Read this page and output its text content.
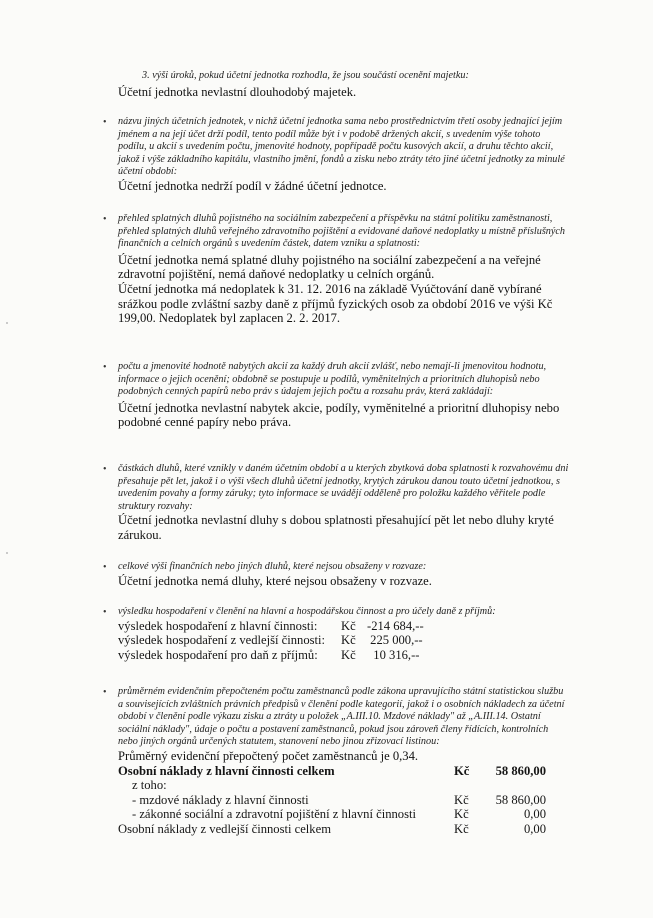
3. výši úroků, pokud účetní jednotka rozhodla, že jsou součástí ocenění majetku:

Účetní jednotka nevlastní dlouhodobý majetek.

• názvu jiných účetních jednotek, v nichž účetní jednotka sama nebo prostřednictvím třetí osoby jednající jejím jménem a na její účet drží podíl, tento podíl může být i v podobě držených akcií, s uvedením výše tohoto podílu, u akcií s uvedením počtu, jmenovité hodnoty, popřípadě počtu kusových akcií, a druhu těchto akcií, jakož i výše základního kapitálu, vlastního jmění, fondů a zisku nebo ztráty této jiné účetní jednotky za minulé účetní období:

Účetní jednotka nedrží podíl v žádné účetní jednotce.

• přehled splatných dluhů pojistného na sociálním zabezpečení a příspěvku na státní politiku zaměstnanosti, přehled splatných dluhů veřejného zdravotního pojištění a evidované daňové nedoplatky u místně příslušných finančních a celních orgánů s uvedením částek, datem vzniku a splatnosti:

Účetní jednotka nemá splatné dluhy pojistného na sociální zabezpečení a na veřejné zdravotní pojištění, nemá daňové nedoplatky u celních orgánů.

Účetní jednotka má nedoplatek k 31. 12. 2016 na základě Vyúčtování daně vybírané srážkou podle zvláštní sazby daně z příjmů fyzických osob za období 2016 ve výši Kč 199,00. Nedoplatek byl zaplacen 2. 2. 2017.

• počtu a jmenovité hodnotě nabytých akcií za každý druh akcií zvlášť, nebo nemají-li jmenovitou hodnotu, informace o jejich ocenění; obdobně se postupuje u podílů, vyměnitelných a prioritních dluhopisů nebo podobných cenných papírů nebo práv s údajem jejich počtu a rozsahu práv, která zakládají:

Účetní jednotka nevlastní nabytek akcie, podíly, vyměnitelné a prioritní dluhopisy nebo podobné cenné papíry nebo práva.

• částkách dluhů, které vznikly v daném účetním období a u kterých zbytková doba splatnosti k rozvahovému dni přesahuje pět let, jakož i o výši všech dluhů účetní jednotky, krytých zárukou danou touto účetní jednotkou, s uvedením povahy a formy záruky; tyto informace se uvádějí odděleně pro položku každého věřitele podle struktury rozvahy:

Účetní jednotka nevlastní dluhy s dobou splatnosti přesahující pět let nebo dluhy kryté zárukou.

• celkové výši finančních nebo jiných dluhů, které nejsou obsaženy v rozvaze:

Účetní jednotka nemá dluhy, které nejsou obsaženy v rozvaze.

• výsledku hospodaření v členění na hlavní a hospodářskou činnost a pro účely daně z příjmů:

výsledek hospodaření z hlavní činnosti:	Kč -214 684,--
výsledek hospodaření z vedlejší činnosti:	Kč 225 000,--
výsledek hospodaření pro daň z příjmů:	Kč 10 316,--
• průměrném evidenčním přepočteném počtu zaměstnanců podle zákona upravujícího státní statistickou službu a souvisejících zvláštních právních předpisů v členění podle kategorií, jakož i o osobních nákladech za účetní období v členění podle výkazu zisku a ztráty u položek „A.III.10. Mzdové náklady" až „A.III.14. Ostatní sociální náklady", údaje o počtu a postavení zaměstnanců, pokud jsou zároveň členy řídících, kontrolních nebo jiných orgánů určených statutem, stanovení nebo jinou zřizovací listinou:

Průměrný evidenční přepočtený počet zaměstnanců je 0,34.

Osobní náklady z hlavní činnosti celkem	Kč	58 860,00
z toho:
- mzdové náklady z hlavní činnosti	Kč	58 860,00
- zákonné sociální a zdravotní pojištění z hlavní činnosti	Kč	0,00
Osobní náklady z vedlejší činnosti celkem	Kč	0,00
